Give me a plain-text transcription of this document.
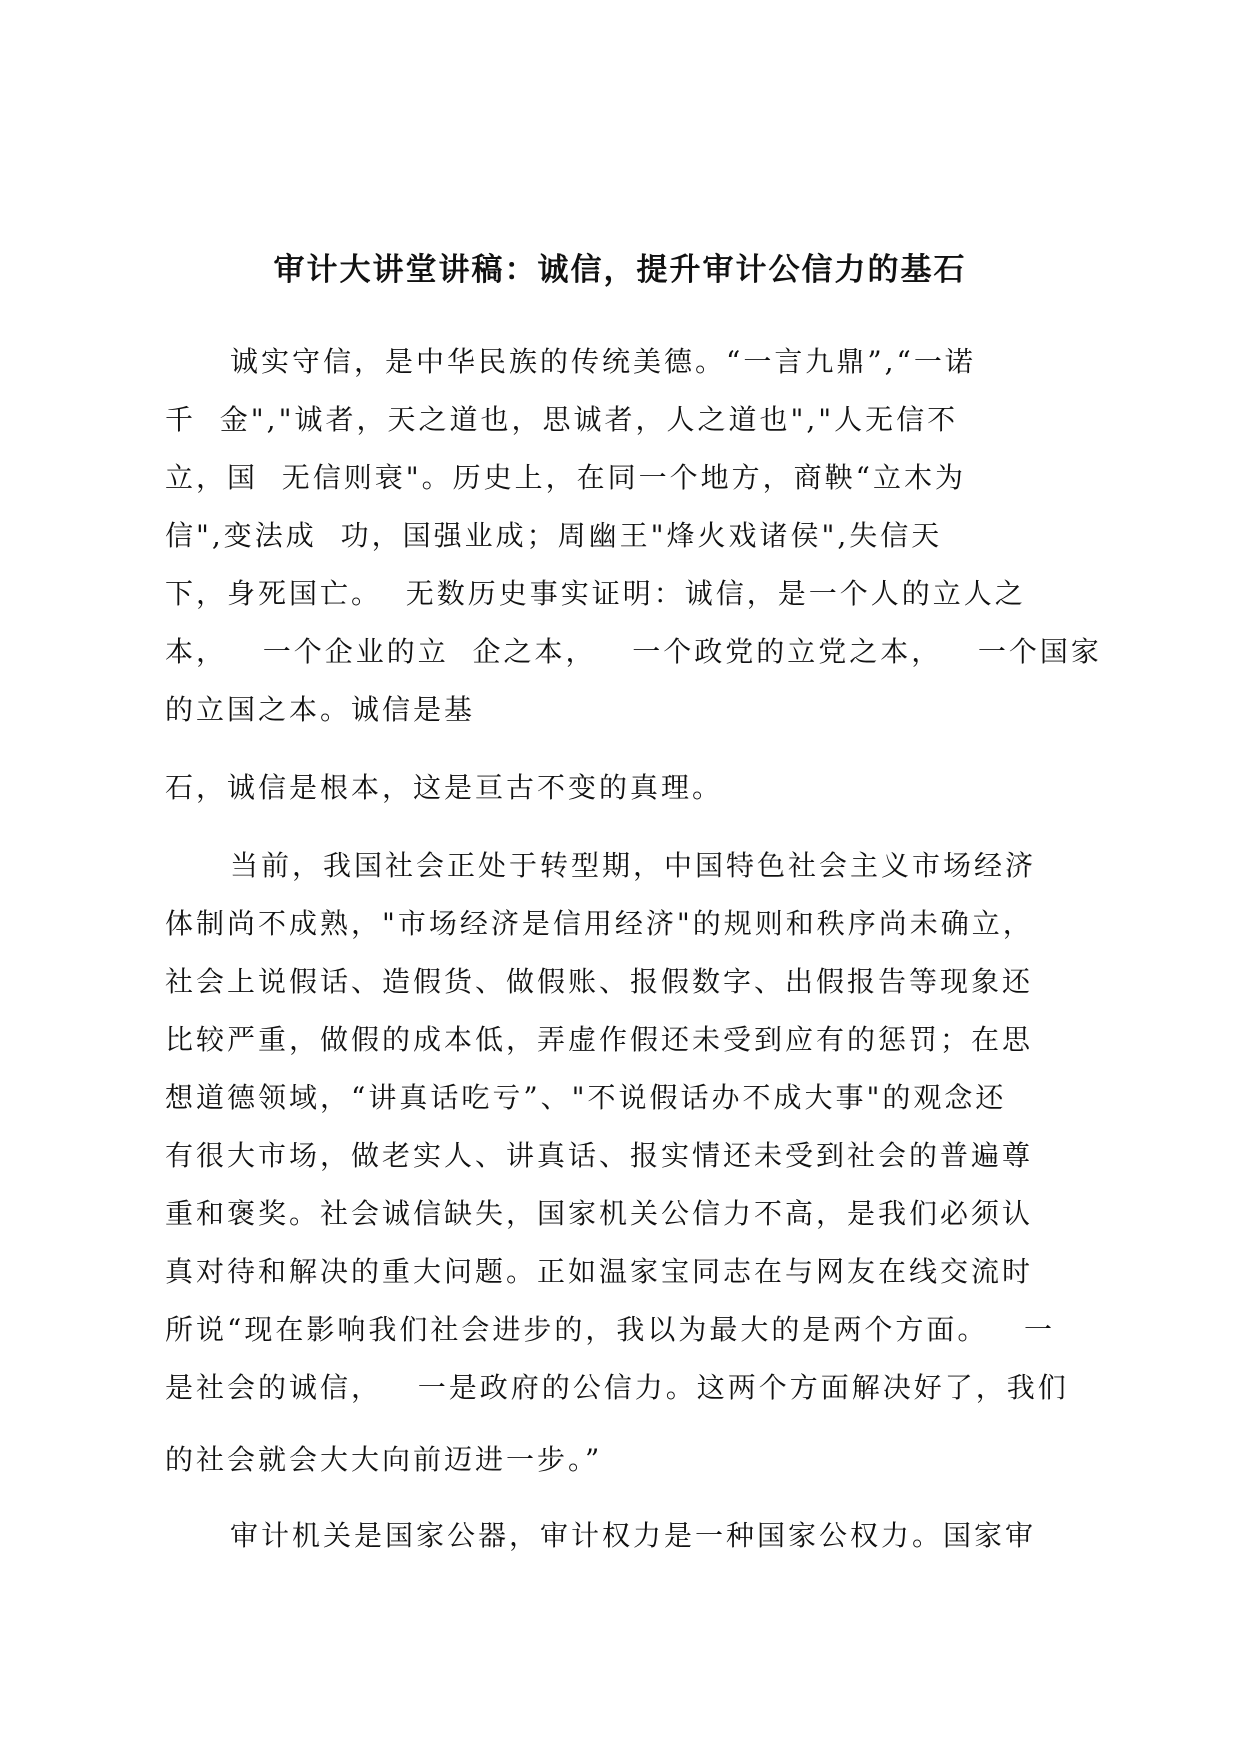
审计大讲堂讲稿：诚信，提升审计公信力的基石

诚实守信，是中华民族的传统美德。“一言九鼎”,“一诺

千  金","诚者，天之道也，思诚者，人之道也","人无信不

立，国  无信则衰"。历史上，在同一个地方，商鞅“立木为

信",变法成  功，国强业成；周幽王"烽火戏诸侯",失信天

下，身死国亡。  无数历史事实证明：诚信，是一个人的立人之

本，   一个企业的立  企之本，   一个政党的立党之本，   一个国家

的立国之本。诚信是基

石，诚信是根本，这是亘古不变的真理。

当前，我国社会正处于转型期，中国特色社会主义市场经济

体制尚不成熟，"市场经济是信用经济"的规则和秩序尚未确立，

社会上说假话、造假货、做假账、报假数字、出假报告等现象还

比较严重，做假的成本低，弄虚作假还未受到应有的惩罚；在思

想道德领域，“讲真话吃亏”、"不说假话办不成大事"的观念还

有很大市场，做老实人、讲真话、报实情还未受到社会的普遍尊

重和褒奖。社会诚信缺失，国家机关公信力不高，是我们必须认

真对待和解决的重大问题。正如温家宝同志在与网友在线交流时

所说“现在影响我们社会进步的，我以为最大的是两个方面。   一

是社会的诚信，   一是政府的公信力。这两个方面解决好了，我们

的社会就会大大向前迈进一步。”

审计机关是国家公器，审计权力是一种国家公权力。国家审
